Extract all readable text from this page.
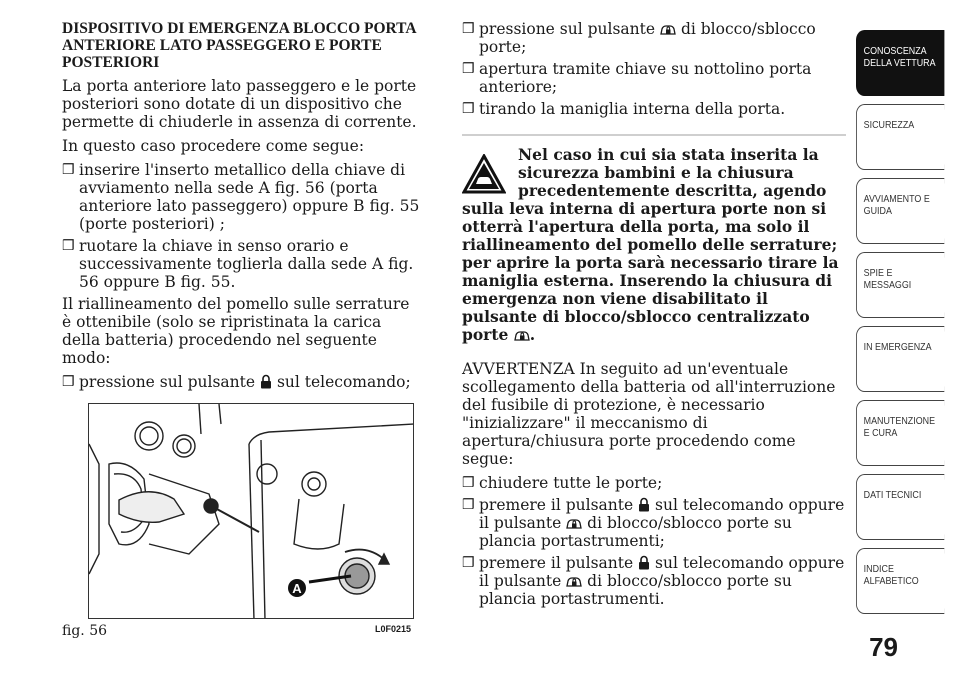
DISPOSITIVO DI EMERGENZA BLOCCO PORTA ANTERIORE LATO PASSEGGERO E PORTE POSTERIORI

La porta anteriore lato passeggero e le porte posteriori sono dotate di un dispositivo che permette di chiuderle in assenza di corrente.

In questo caso procedere come segue:

❒ inserire l'inserto metallico della chiave di avviamento nella sede A fig. 56 (porta anteriore lato passeggero) oppure B fig. 55 (porte posteriori) ;
❒ ruotare la chiave in senso orario e successivamente toglierla dalla sede A fig. 56 oppure B fig. 55.

Il riallineamento del pomello sulle serrature è ottenibile (solo se ripristinata la carica della batteria) procedendo nel seguente modo:

❒ pressione sul pulsante sul telecomando;
A
fig. 56	L0F0215
❒ pressione sul pulsante di blocco/sblocco porte;
❒ apertura tramite chiave su nottolino porta anteriore;
❒ tirando la maniglia interna della porta.
Nel caso in cui sia stata inserita la sicurezza bambini e la chiusura precedentemente descritta, agendo
sulla leva interna di apertura porte non si otterrà l'apertura della porta, ma solo il riallineamento del pomello delle serrature; per aprire la porta sarà necessario tirare la maniglia esterna. Inserendo la chiusura di emergenza non viene disabilitato il pulsante di blocco/sblocco centralizzato porte .

AVVERTENZA In seguito ad un'eventuale scollegamento della batteria od all'interruzione del fusibile di protezione, è necessario "inizializzare" il meccanismo di apertura/chiusura porte procedendo come segue:

❒ chiudere tutte le porte;
❒ premere il pulsante sul telecomando oppure il pulsante di blocco/sblocco porte su plancia portastrumenti;
❒ premere il pulsante sul telecomando oppure il pulsante di blocco/sblocco porte su plancia portastrumenti.
CONOSCENZA DELLA VETTURA
SICUREZZA
AVVIAMENTO E GUIDA
SPIE E MESSAGGI
IN EMERGENZA
MANUTENZIONE E CURA
DATI TECNICI
INDICE ALFABETICO
79
